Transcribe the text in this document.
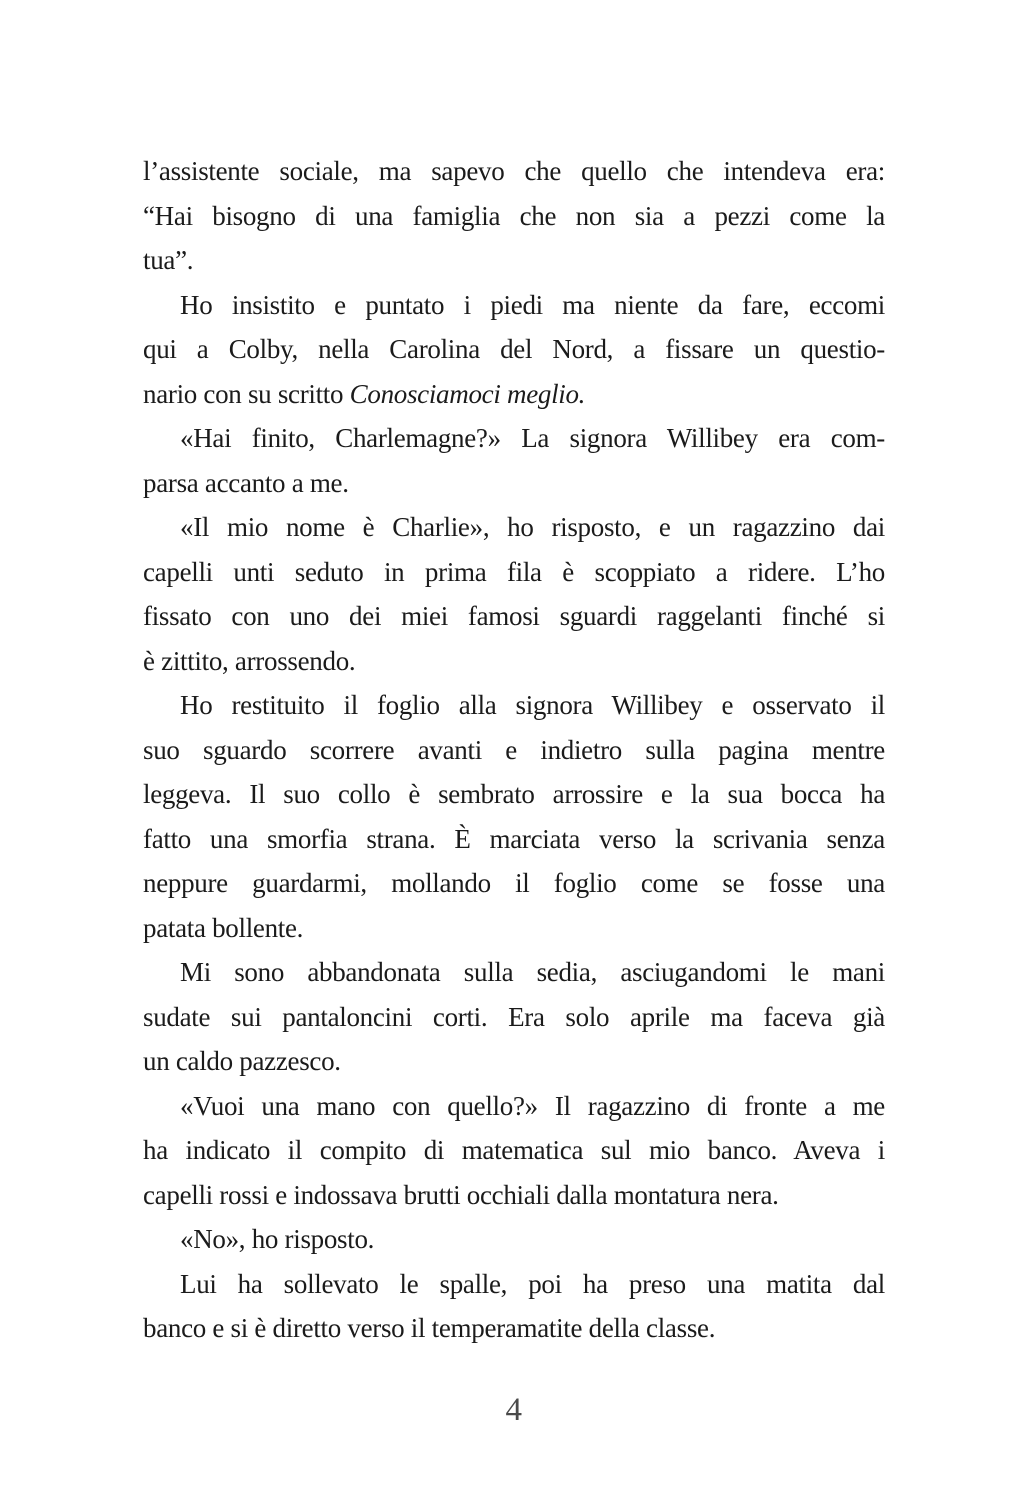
l’assistente sociale, ma sapevo che quello che intendeva era:
“Hai bisogno di una famiglia che non sia a pezzi come la
tua”.
Ho insistito e puntato i piedi ma niente da fare, eccomi
qui a Colby, nella Carolina del Nord, a fissare un questio-
nario con su scritto Conosciamoci meglio.
«Hai finito, Charlemagne?» La signora Willibey era com-
parsa accanto a me.
«Il mio nome è Charlie», ho risposto, e un ragazzino dai
capelli unti seduto in prima fila è scoppiato a ridere. L’ho
fissato con uno dei miei famosi sguardi raggelanti finché si
è zittito, arrossendo.
Ho restituito il foglio alla signora Willibey e osservato il
suo sguardo scorrere avanti e indietro sulla pagina mentre
leggeva. Il suo collo è sembrato arrossire e la sua bocca ha
fatto una smorfia strana. È marciata verso la scrivania senza
neppure guardarmi, mollando il foglio come se fosse una
patata bollente.
Mi sono abbandonata sulla sedia, asciugandomi le mani
sudate sui pantaloncini corti. Era solo aprile ma faceva già
un caldo pazzesco.
«Vuoi una mano con quello?» Il ragazzino di fronte a me
ha indicato il compito di matematica sul mio banco. Aveva i
capelli rossi e indossava brutti occhiali dalla montatura nera.
«No», ho risposto.
Lui ha sollevato le spalle, poi ha preso una matita dal
banco e si è diretto verso il temperamatite della classe.
4
